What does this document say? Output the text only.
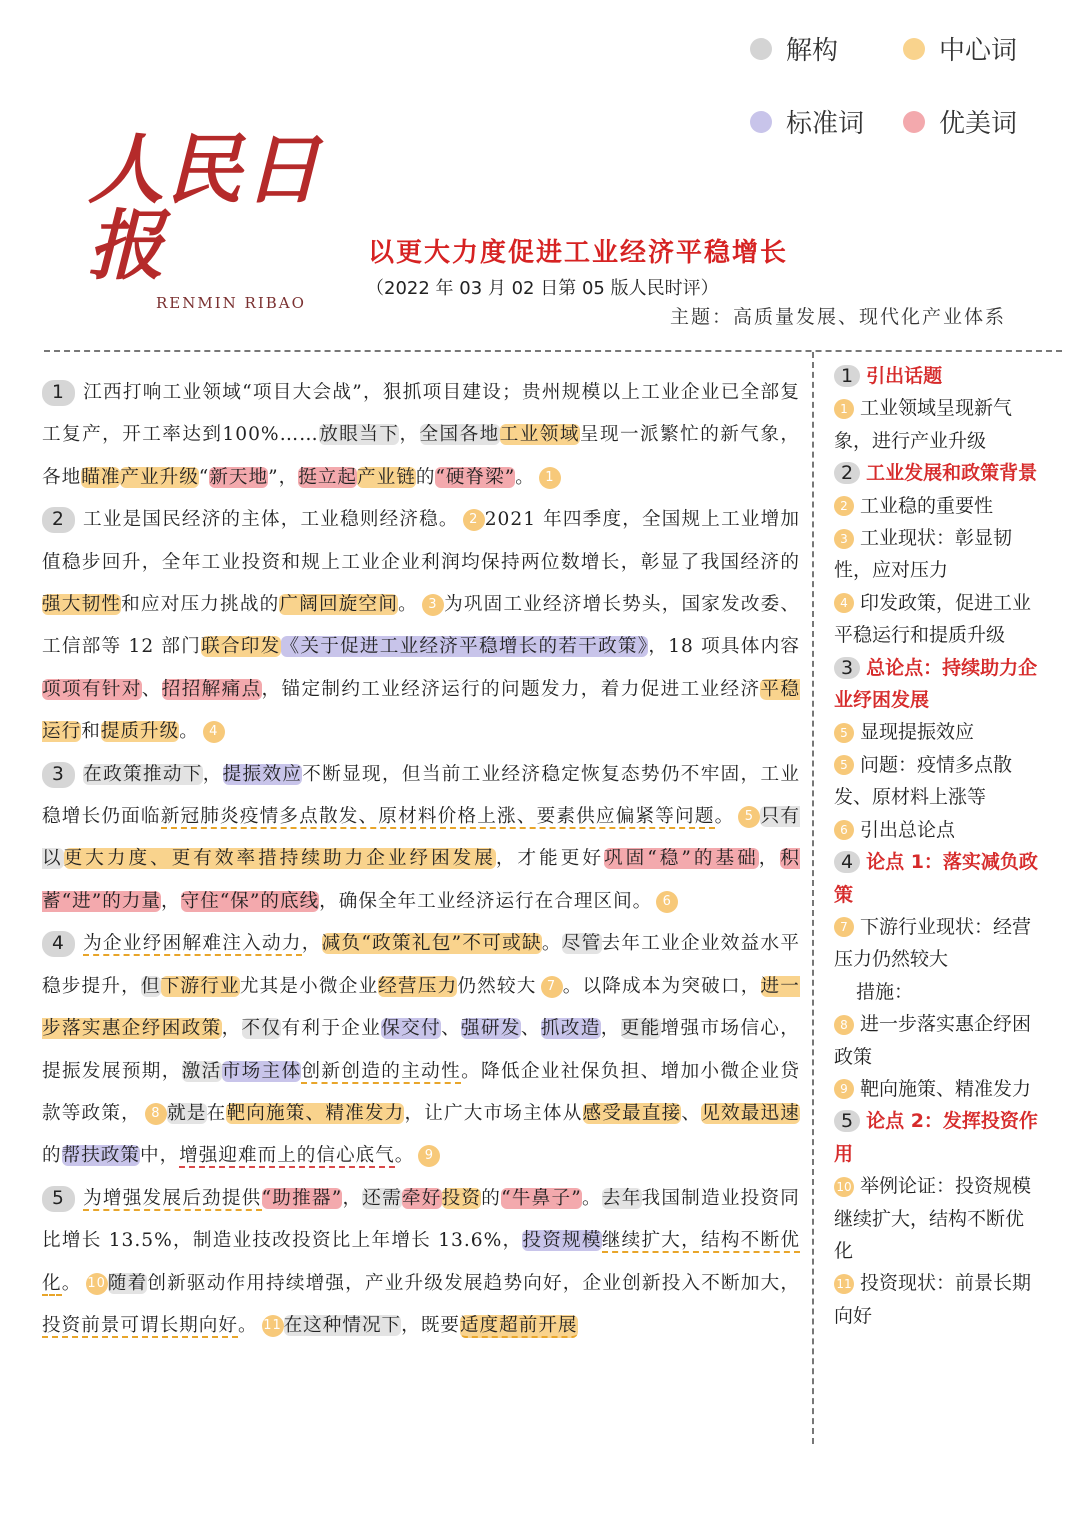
解构	中心词
标准词	优美词
人民日报
RENMIN RIBAO
以更大力度促进工业经济平稳增长
（2022 年 03 月 02 日第 05 版人民时评）
主题：高质量发展、现代化产业体系

1 江西打响工业领域“项目大会战”，狠抓项目建设；贵州规模以上工业企业已全部复工复产，开工率达到100%……放眼当下，全国各地工业领域呈现一派繁忙的新气象，各地瞄准产业升级“新天地”，挺立起产业链的“硬脊梁”。 1

2 工业是国民经济的主体，工业稳则经济稳。 2 2021 年四季度，全国规上工业增加值稳步回升，全年工业投资和规上工业企业利润均保持两位数增长，彰显了我国经济的强大韧性和应对压力挑战的广阔回旋空间。 3 为巩固工业经济增长势头，国家发改委、工信部等 12 部门联合印发《关于促进工业经济平稳增长的若干政策》，18 项具体内容项项有针对、招招解痛点，锚定制约工业经济运行的问题发力，着力促进工业经济平稳运行和提质升级。 4

3 在政策推动下，提振效应不断显现，但当前工业经济稳定恢复态势仍不牢固，工业稳增长仍面临新冠肺炎疫情多点散发、原材料价格上涨、要素供应偏紧等问题。 5 只有以更大力度、更有效率措持续助力企业纾困发展，才能更好巩固“稳”的基础，积蓄“进”的力量，守住“保”的底线，确保全年工业经济运行在合理区间。 6

4 为企业纾困解难注入动力，减负“政策礼包”不可或缺。尽管去年工业企业效益水平稳步提升，但下游行业尤其是小微企业经营压力仍然较大 7 。以降成本为突破口，进一步落实惠企纾困政策，不仅有利于企业保交付、强研发、抓改造，更能增强市场信心，提振发展预期，激活市场主体创新创造的主动性。降低企业社保负担、增加小微企业贷款等政策， 8 就是在靶向施策、精准发力，让广大市场主体从感受最直接、见效最迅速的帮扶政策中，增强迎难而上的信心底气。 9

5 为增强发展后劲提供“助推器”，还需牵好投资的“牛鼻子”。去年我国制造业投资同比增长 13.5%，制造业技改投资比上年增长 13.6%，投资规模继续扩大，结构不断优化。 10随着创新驱动作用持续增强，产业升级发展趋势向好，企业创新投入不断加大，投资前景可谓长期向好。 11在这种情况下，既要适度超前开展

1 引出话题

1 工业领域呈现新气象，进行产业升级

2 工业发展和政策背景

2 工业稳的重要性

3 工业现状：彰显韧性，应对压力

4 印发政策，促进工业平稳运行和提质升级

3 总论点：持续助力企业纾困发展

5 显现提振效应

5 问题：疫情多点散发、原材料上涨等

6 引出总论点

4 论点 1：落实减负政策

7 下游行业现状：经营压力仍然较大

措施：

8 进一步落实惠企纾困政策

9 靶向施策、精准发力

5 论点 2：发挥投资作用

10 举例论证：投资规模继续扩大，结构不断优化

11 投资现状：前景长期向好
